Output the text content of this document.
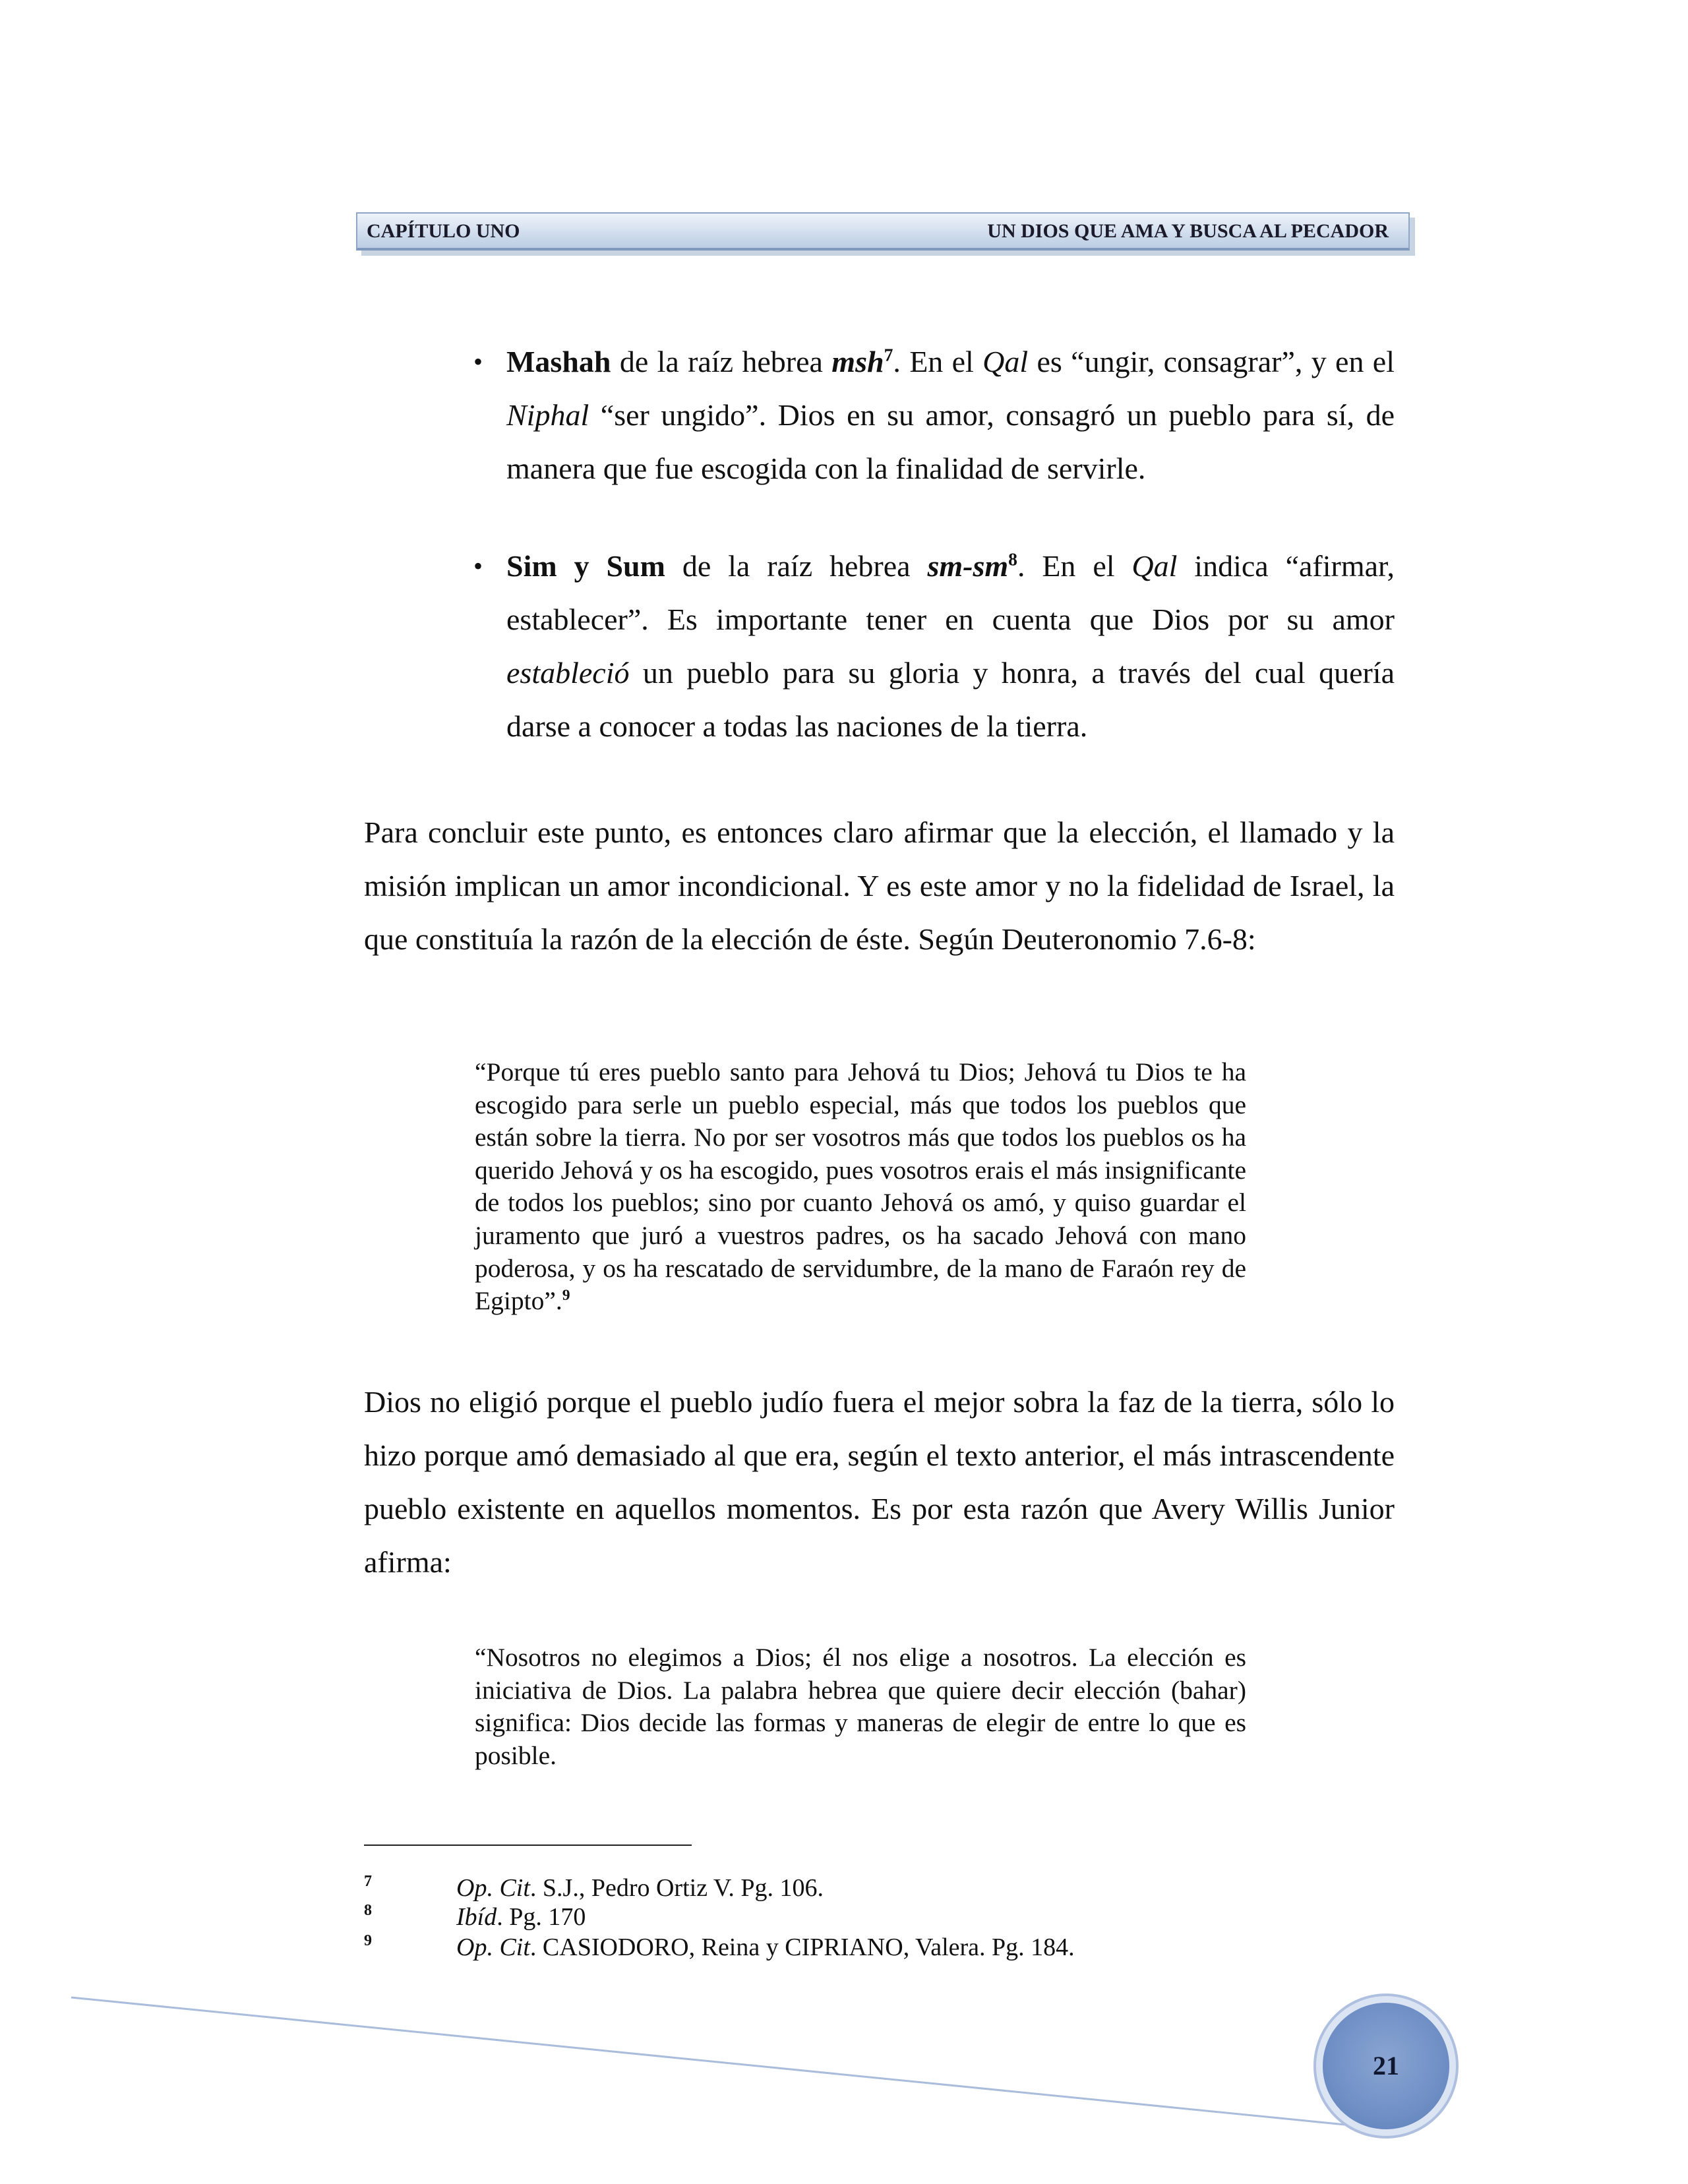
CAPÍTULO UNO	UN DIOS QUE AMA Y BUSCA AL PECADOR
• Mashah de la raíz hebrea msh$^7$. En el Qal es “ungir, consagrar”, y en el Niphal “ser ungido”. Dios en su amor, consagró un pueblo para sí, de manera que fue escogida con la finalidad de servirle.
• Sim y Sum de la raíz hebrea $sm-sm^8$. En el Qal indica “afirmar, establecer”. Es importante tener en cuenta que Dios por su amor estableció un pueblo para su gloria y honra, a través del cual quería darse a conocer a todas las naciones de la tierra.
Para concluir este punto, es entonces claro afirmar que la elección, el llamado y la misión implican un amor incondicional. Y es este amor y no la fidelidad de Israel, la que constituía la razón de la elección de éste. Según Deuteronomio 7.6-8:
“Porque tú eres pueblo santo para Jehová tu Dios; Jehová tu Dios te ha escogido para serle un pueblo especial, más que todos los pueblos que están sobre la tierra. No por ser vosotros más que todos los pueblos os ha querido Jehová y os ha escogido, pues vosotros erais el más insignificante de todos los pueblos; sino por cuanto Jehová os amó, y quiso guardar el juramento que juró a vuestros padres, os ha sacado Jehová con mano poderosa, y os ha rescatado de servidumbre, de la mano de Faraón rey de Egipto”.$^9$
Dios no eligió porque el pueblo judío fuera el mejor sobra la faz de la tierra, sólo lo hizo porque amó demasiado al que era, según el texto anterior, el más intrascendente pueblo existente en aquellos momentos. Es por esta razón que Avery Willis Junior afirma:
“Nosotros no elegimos a Dios; él nos elige a nosotros. La elección es iniciativa de Dios. La palabra hebrea que quiere decir elección (bahar) significa: Dios decide las formas y maneras de elegir de entre lo que es posible.
7	Op. Cit. S.J., Pedro Ortiz V. Pg. 106.
8	Ibíd. Pg. 170
9	Op. Cit. CASIODORO, Reina y CIPRIANO, Valera. Pg. 184.
21
